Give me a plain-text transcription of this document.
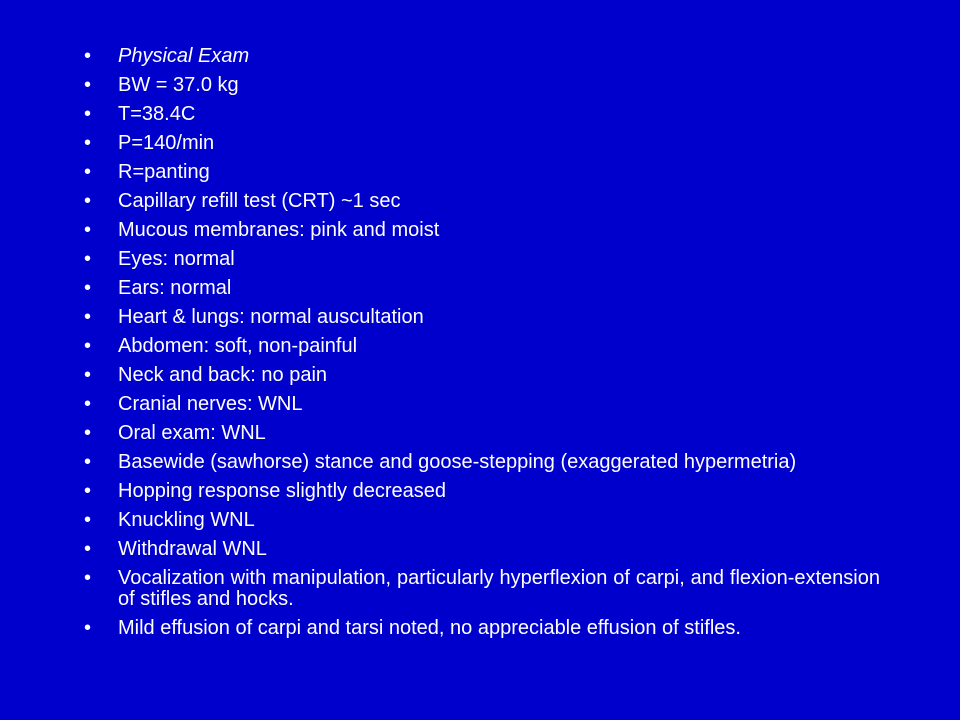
• Physical Exam
• BW = 37.0 kg
• T=38.4C
• P=140/min
• R=panting
• Capillary refill test (CRT) ~1 sec
• Mucous membranes: pink and moist
• Eyes: normal
• Ears: normal
• Heart & lungs: normal auscultation
• Abdomen: soft, non-painful
• Neck and back: no pain
• Cranial nerves: WNL
• Oral exam: WNL
• Basewide (sawhorse) stance and goose-stepping (exaggerated hypermetria)
• Hopping response slightly decreased
• Knuckling WNL
• Withdrawal WNL
• Vocalization with manipulation, particularly hyperflexion of carpi, and flexion-extension of stifles and hocks.
• Mild effusion of carpi and tarsi noted, no appreciable effusion of stifles.
